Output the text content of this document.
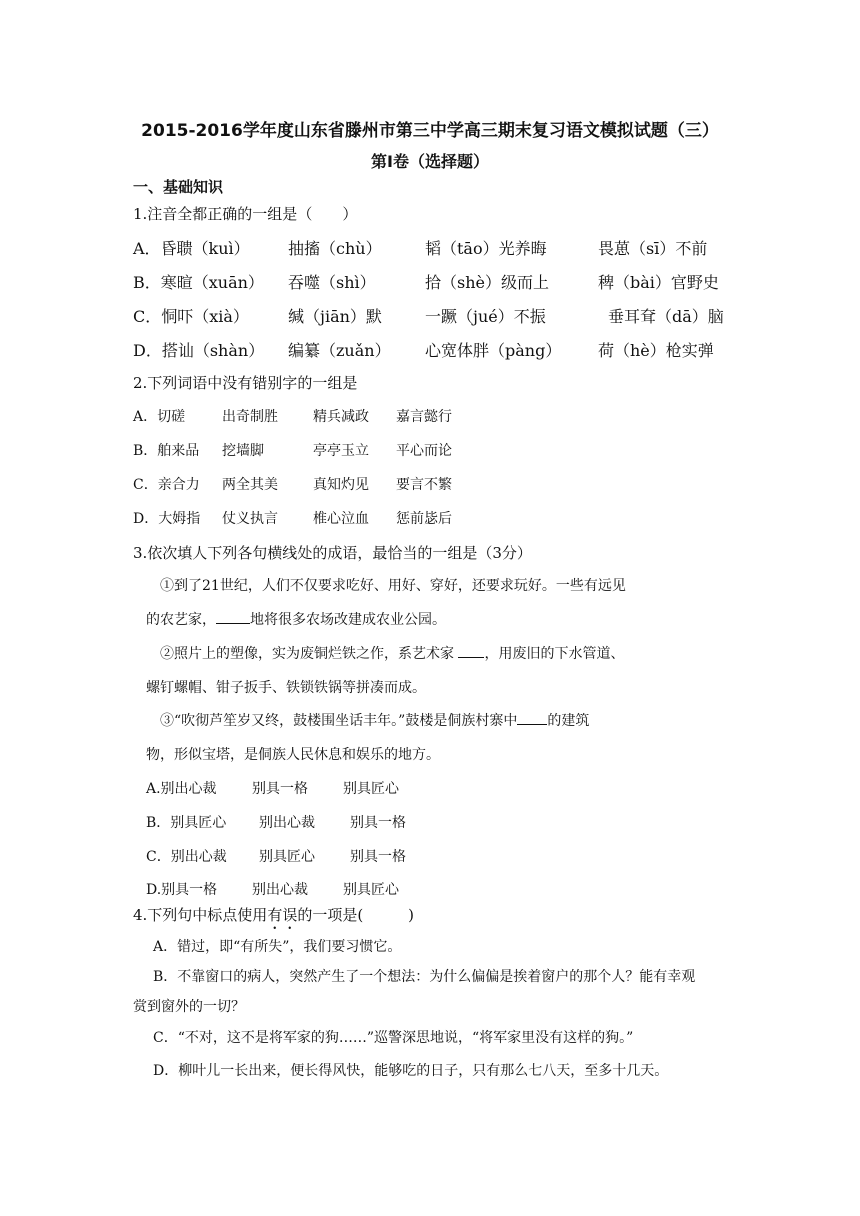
2015-2016学年度山东省滕州市第三中学高三期末复习语文模拟试题（三）
第Ⅰ卷（选择题）
一、基础知识
1.注音全都正确的一组是（　　）
A．昏聩（kuì） 抽搐（chù）	韬（tāo）光养晦	畏葸（sī）不前
B．寒暄（xuān） 吞噬（shì）	拾（shè）级而上	稗（bài）官野史
C．恫吓（xià） 缄（jiān）默	一蹶（jué）不振	垂耳耷（dā）脑
D．搭讪（shàn） 编纂（zuǎn） 心宽体胖（pàng） 荷（hè）枪实弹
2.下列词语中没有错别字的一组是
A．切磋	出奇制胜	精兵减政 嘉言懿行
B．舶来品 挖墙脚	亭亭玉立 平心而论
C．亲合力 两全其美	真知灼见 要言不繁
D．大姆指 仗义执言	椎心泣血 惩前毖后
3.依次填人下列各句横线处的成语，最恰当的一组是（3分）
①到了21世纪，人们不仅要求吃好、用好、穿好，还要求玩好。一些有远见
的农艺家， 地将很多农场改建成农业公园。
②照片上的塑像，实为废铜烂铁之作，系艺术家 ，用废旧的下水管道、
螺钉螺帽、钳子扳手、铁锁铁锅等拼凑而成。
③“吹彻芦笙岁又终，鼓楼围坐话丰年。”鼓楼是侗族村寨中 的建筑
物，形似宝塔，是侗族人民休息和娱乐的地方。
A.别出心裁	别具一格	别具匠心
B．别具匠心 别出心裁	别具一格
C．别出心裁 别具匠心	别具一格
D.别具一格 别出心裁	别具匠心
4.下列句中标点使用有误的一项是(　　　)
A．错过，即“有所失”，我们要习惯它。
B．不靠窗口的病人，突然产生了一个想法：为什么偏偏是挨着窗户的那个人？能有幸观
赏到窗外的一切？
C．“不对，这不是将军家的狗……”巡警深思地说，“将军家里没有这样的狗。”
D．柳叶儿一长出来，便长得风快，能够吃的日子，只有那么七八天，至多十几天。
